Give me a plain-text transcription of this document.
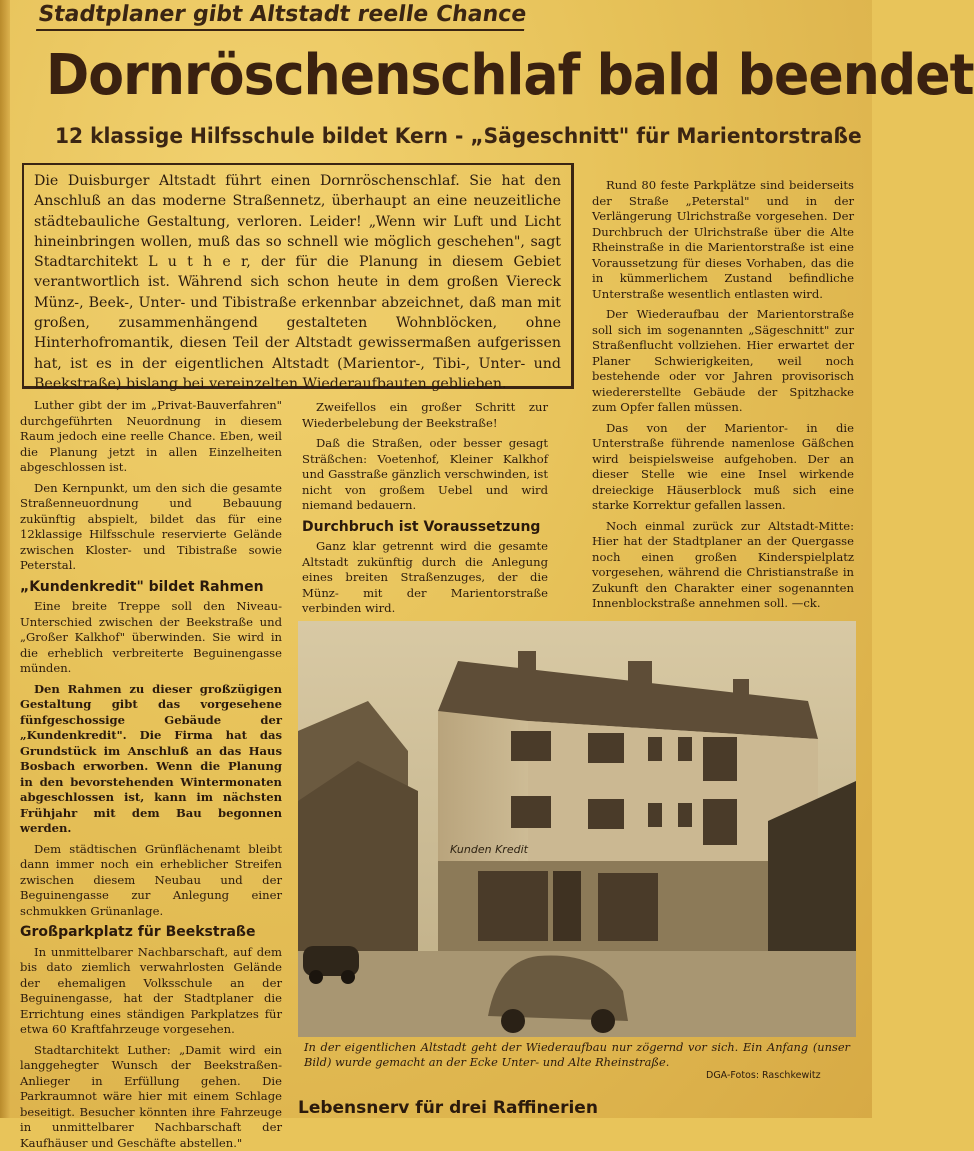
Stadtplaner gibt Altstadt reelle Chance
Dornröschenschlaf bald beendet
12 klassige Hilfsschule bildet Kern - „Sägeschnitt" für Marientorstraße
Die Duisburger Altstadt führt einen Dornröschenschlaf. Sie hat den Anschluß an das moderne Straßennetz, überhaupt an eine neuzeitliche städtebauliche Gestaltung, verloren. Leider! „Wenn wir Luft und Licht hineinbringen wollen, muß das so schnell wie möglich geschehen", sagt Stadtarchitekt L u t h e r, der für die Planung in diesem Gebiet verantwortlich ist. Während sich schon heute in dem großen Viereck Münz-, Beek-, Unter- und Tibistraße erkennbar abzeichnet, daß man mit großen, zusammenhängend gestalteten Wohnblöcken, ohne Hinterhofromantik, diesen Teil der Altstadt gewissermaßen aufgerissen hat, ist es in der eigentlichen Altstadt (Marientor-, Tibi-, Unter- und Beekstraße) bislang bei vereinzelten Wiederaufbauten geblieben.

Luther gibt der im „Privat-Bauverfahren" durchgeführten Neuordnung in diesem Raum jedoch eine reelle Chance. Eben, weil die Planung jetzt in allen Einzelheiten abgeschlossen ist.

Den Kernpunkt, um den sich die gesamte Straßenneuordnung und Bebauung zukünftig abspielt, bildet das für eine 12klassige Hilfsschule reservierte Gelände zwischen Kloster- und Tibistraße sowie Peterstal.

„Kundenkredit" bildet Rahmen

Eine breite Treppe soll den Niveau-Unterschied zwischen der Beekstraße und „Großer Kalkhof" überwinden. Sie wird in die erheblich verbreiterte Beguinengasse münden.

Den Rahmen zu dieser großzügigen Gestaltung gibt das vorgesehene fünfgeschossige Gebäude der „Kundenkredit". Die Firma hat das Grundstück im Anschluß an das Haus Bosbach erworben. Wenn die Planung in den bevorstehenden Wintermonaten abgeschlossen ist, kann im nächsten Frühjahr mit dem Bau begonnen werden.

Dem städtischen Grünflächenamt bleibt dann immer noch ein erheblicher Streifen zwischen diesem Neubau und der Beguinengasse zur Anlegung einer schmukken Grünanlage.

Großparkplatz für Beekstraße

In unmittelbarer Nachbarschaft, auf dem bis dato ziemlich verwahrlosten Gelände der ehemaligen Volksschule an der Beguinengasse, hat der Stadtplaner die Errichtung eines ständigen Parkplatzes für etwa 60 Kraftfahrzeuge vorgesehen.

Stadtarchitekt Luther: „Damit wird ein langgehegter Wunsch der Beekstraßen-Anlieger in Erfüllung gehen. Die Parkraumnot wäre hier mit einem Schlage beseitigt. Besucher könnten ihre Fahrzeuge in unmittelbarer Nachbarschaft der Kaufhäuser und Geschäfte abstellen."

Zweifellos ein großer Schritt zur Wiederbelebung der Beekstraße!

Daß die Straßen, oder besser gesagt Sträßchen: Voetenhof, Kleiner Kalkhof und Gasstraße gänzlich verschwinden, ist nicht von großem Uebel und wird niemand bedauern.

Durchbruch ist Voraussetzung

Ganz klar getrennt wird die gesamte Altstadt zukünftig durch die Anlegung eines breiten Straßenzuges, der die Münz- mit der Marientorstraße verbinden wird.

Rund 80 feste Parkplätze sind beiderseits der Straße „Peterstal" und in der Verlängerung Ulrichstraße vorgesehen. Der Durchbruch der Ulrichstraße über die Alte Rheinstraße in die Marientorstraße ist eine Voraussetzung für dieses Vorhaben, das die in kümmerlichem Zustand befindliche Unterstraße wesentlich entlasten wird.

Der Wiederaufbau der Marientorstraße soll sich im sogenannten „Sägeschnitt" zur Straßenflucht vollziehen. Hier erwartet der Planer Schwierigkeiten, weil noch bestehende oder vor Jahren provisorisch wiedererstellte Gebäude der Spitzhacke zum Opfer fallen müssen.

Das von der Marientor- in die Unterstraße führende namenlose Gäßchen wird beispielsweise aufgehoben. Der an dieser Stelle wie eine Insel wirkende dreieckige Häuserblock muß sich eine starke Korrektur gefallen lassen.

Noch einmal zurück zur Altstadt-Mitte: Hier hat der Stadtplaner an der Quergasse noch einen großen Kinderspielplatz vorgesehen, während die Christianstraße in Zukunft den Charakter einer sogenannten Innenblockstraße annehmen soll. —ck.

Kunden Kredit
In der eigentlichen Altstadt geht der Wiederaufbau nur zögernd vor sich. Ein Anfang (unser Bild) wurde gemacht an der Ecke Unter- und Alte Rheinstraße.
DGA-Fotos: Raschkewitz
Lebensnerv für drei Raffinerien
